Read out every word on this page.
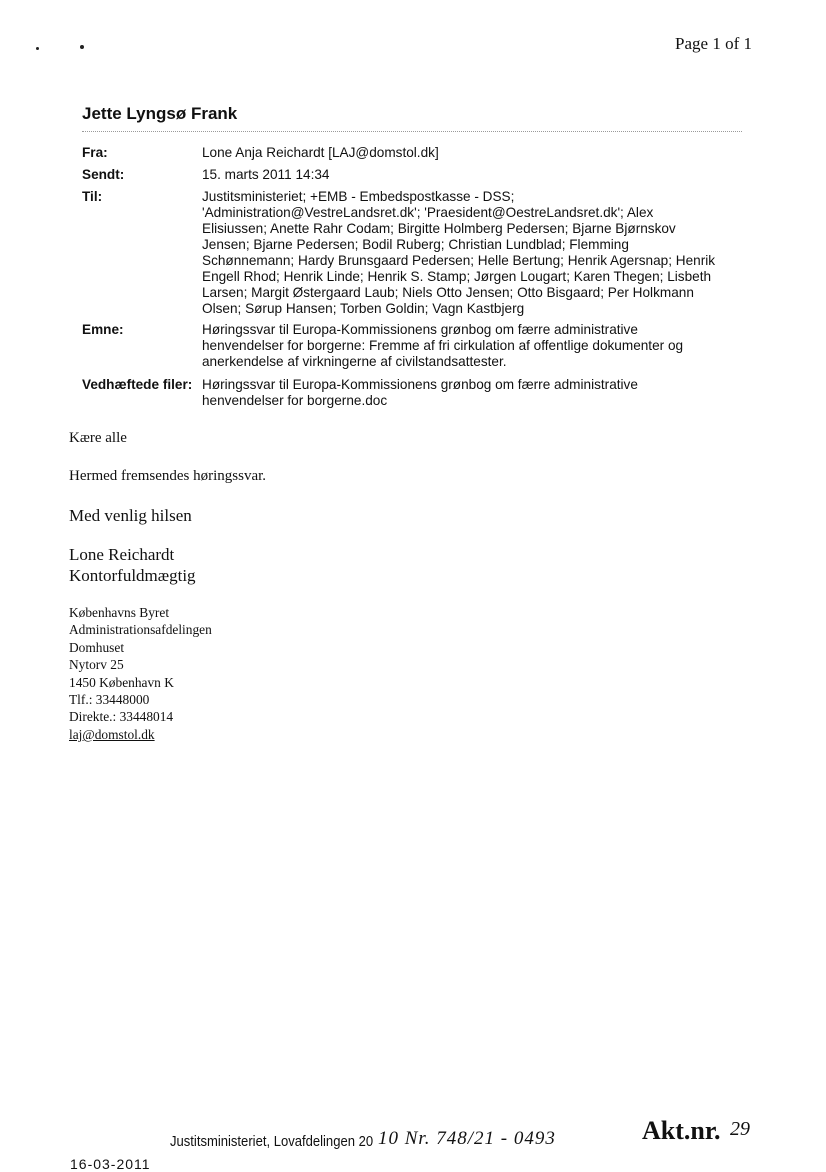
Page 1 of 1
Jette Lyngsø Frank
Fra:	Lone Anja Reichardt [LAJ@domstol.dk]
Sendt:	15. marts 2011 14:34
Til:	Justitsministeriet; +EMB - Embedspostkasse - DSS;
'Administration@VestreLandsret.dk'; 'Praesident@OestreLandsret.dk'; Alex
Elisiussen; Anette Rahr Codam; Birgitte Holmberg Pedersen; Bjarne Bjørnskov
Jensen; Bjarne Pedersen; Bodil Ruberg; Christian Lundblad; Flemming
Schønnemann; Hardy Brunsgaard Pedersen; Helle Bertung; Henrik Agersnap; Henrik
Engell Rhod; Henrik Linde; Henrik S. Stamp; Jørgen Lougart; Karen Thegen; Lisbeth
Larsen; Margit Østergaard Laub; Niels Otto Jensen; Otto Bisgaard; Per Holkmann
Olsen; Sørup Hansen; Torben Goldin; Vagn Kastbjerg
Emne:	Høringssvar til Europa-Kommissionens grønbog om færre administrative
henvendelser for borgerne: Fremme af fri cirkulation af offentlige dokumenter og
anerkendelse af virkningerne af civilstandsattester.
Vedhæftede filer: Høringssvar til Europa-Kommissionens grønbog om færre administrative
henvendelser for borgerne.doc
Kære alle
Hermed fremsendes høringssvar.
Med venlig hilsen
Lone Reichardt
Kontorfuldmægtig
Københavns Byret
Administrationsafdelingen
Domhuset
Nytorv 25
1450 København K
Tlf.: 33448000
Direkte.: 33448014
laj@domstol.dk
Justitsministeriet, Lovafdelingen 20 10 Nr. 748/21 - 0493	Akt.nr. 29
16-03-2011
